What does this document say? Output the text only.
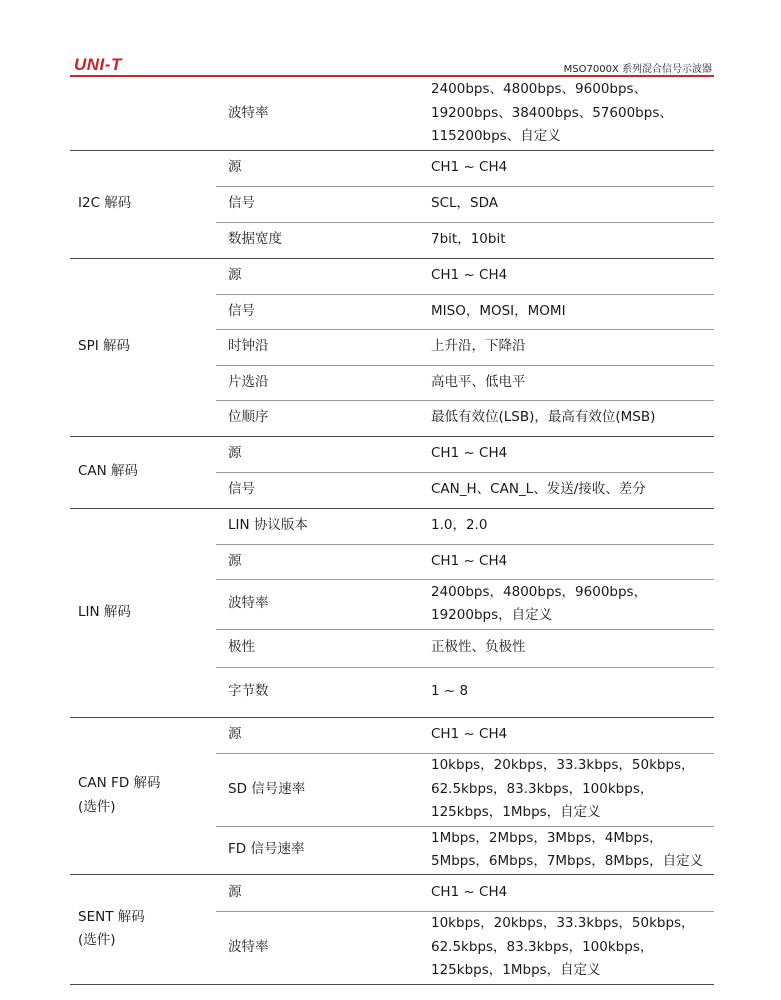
UNI-T	MSO7000X 系列混合信号示波器
	波特率	2400bps、4800bps、9600bps、
19200bps、38400bps、57600bps、
115200bps、自定义
I2C 解码	源	CH1 ~ CH4
	信号	SCL，SDA
	数据宽度	7bit，10bit
SPI 解码	源	CH1 ~ CH4
	信号	MISO，MOSI，MOMI
	时钟沿	上升沿，下降沿
	片选沿	高电平、低电平
	位顺序	最低有效位(LSB)，最高有效位(MSB)
CAN 解码	源	CH1 ~ CH4
	信号	CAN_H、CAN_L、发送/接收、差分
LIN 解码	LIN 协议版本	1.0，2.0
	源	CH1 ~ CH4
	波特率	2400bps，4800bps，9600bps，
19200bps，自定义
	极性	正极性、负极性
	字节数	1 ~ 8
CAN FD 解码
(选件)	源	CH1 ~ CH4
	SD 信号速率	10kbps，20kbps，33.3kbps，50kbps，
62.5kbps，83.3kbps，100kbps，
125kbps，1Mbps，自定义
	FD 信号速率	1Mbps，2Mbps，3Mbps，4Mbps，
5Mbps，6Mbps，7Mbps，8Mbps，自定义
SENT 解码
(选件)	源	CH1 ~ CH4
	波特率	10kbps，20kbps，33.3kbps，50kbps，
62.5kbps，83.3kbps，100kbps，
125kbps，1Mbps，自定义
